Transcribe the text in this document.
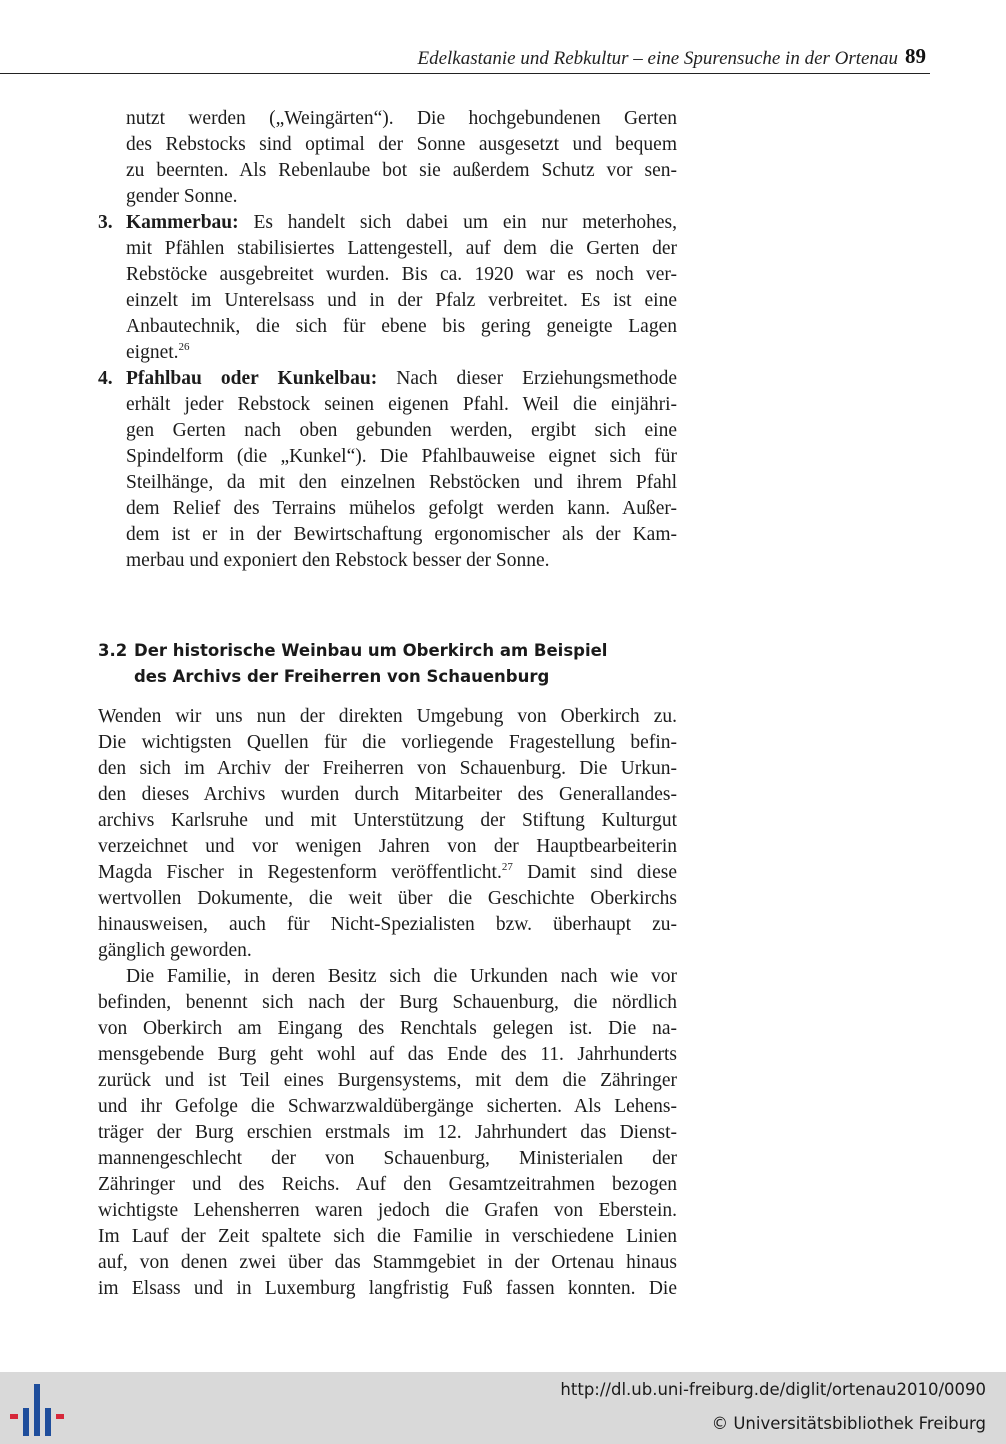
Edelkastanie und Rebkultur – eine Spurensuche in der Ortenau 89
nutzt werden („Weingärten“). Die hochgebundenen Gerten
des Rebstocks sind optimal der Sonne ausgesetzt und bequem
zu beernten. Als Rebenlaube bot sie außerdem Schutz vor sen-
gender Sonne.
3. Kammerbau: Es handelt sich dabei um ein nur meterhohes,
mit Pfählen stabilisiertes Lattengestell, auf dem die Gerten der
Rebstöcke ausgebreitet wurden. Bis ca. 1920 war es noch ver-
einzelt im Unterelsass und in der Pfalz verbreitet. Es ist eine
Anbautechnik, die sich für ebene bis gering geneigte Lagen
eignet.$^{26}$
4. Pfahlbau oder Kunkelbau: Nach dieser Erziehungsmethode
erhält jeder Rebstock seinen eigenen Pfahl. Weil die einjähri-
gen Gerten nach oben gebunden werden, ergibt sich eine
Spindelform (die „Kunkel“). Die Pfahlbauweise eignet sich für
Steilhänge, da mit den einzelnen Rebstöcken und ihrem Pfahl
dem Relief des Terrains mühelos gefolgt werden kann. Außer-
dem ist er in der Bewirtschaftung ergonomischer als der Kam-
merbau und exponiert den Rebstock besser der Sonne.
3.2 Der historische Weinbau um Oberkirch am Beispiel
des Archivs der Freiherren von Schauenburg
Wenden wir uns nun der direkten Umgebung von Oberkirch zu.
Die wichtigsten Quellen für die vorliegende Fragestellung befin-
den sich im Archiv der Freiherren von Schauenburg. Die Urkun-
den dieses Archivs wurden durch Mitarbeiter des Generallandes-
archivs Karlsruhe und mit Unterstützung der Stiftung Kulturgut
verzeichnet und vor wenigen Jahren von der Hauptbearbeiterin
Magda Fischer in Regestenform veröffentlicht.$^{27}$ Damit sind diese
wertvollen Dokumente, die weit über die Geschichte Oberkirchs
hinausweisen, auch für Nicht-Spezialisten bzw. überhaupt zu-
gänglich geworden.
Die Familie, in deren Besitz sich die Urkunden nach wie vor
befinden, benennt sich nach der Burg Schauenburg, die nördlich
von Oberkirch am Eingang des Renchtals gelegen ist. Die na-
mensgebende Burg geht wohl auf das Ende des 11. Jahrhunderts
zurück und ist Teil eines Burgensystems, mit dem die Zähringer
und ihr Gefolge die Schwarzwaldübergänge sicherten. Als Lehens-
träger der Burg erschien erstmals im 12. Jahrhundert das Dienst-
mannengeschlecht der von Schauenburg, Ministerialen der
Zähringer und des Reichs. Auf den Gesamtzeitrahmen bezogen
wichtigste Lehensherren waren jedoch die Grafen von Eberstein.
Im Lauf der Zeit spaltete sich die Familie in verschiedene Linien
auf, von denen zwei über das Stammgebiet in der Ortenau hinaus
im Elsass und in Luxemburg langfristig Fuß fassen konnten. Die
http://dl.ub.uni-freiburg.de/diglit/ortenau2010/0090
© Universitätsbibliothek Freiburg
